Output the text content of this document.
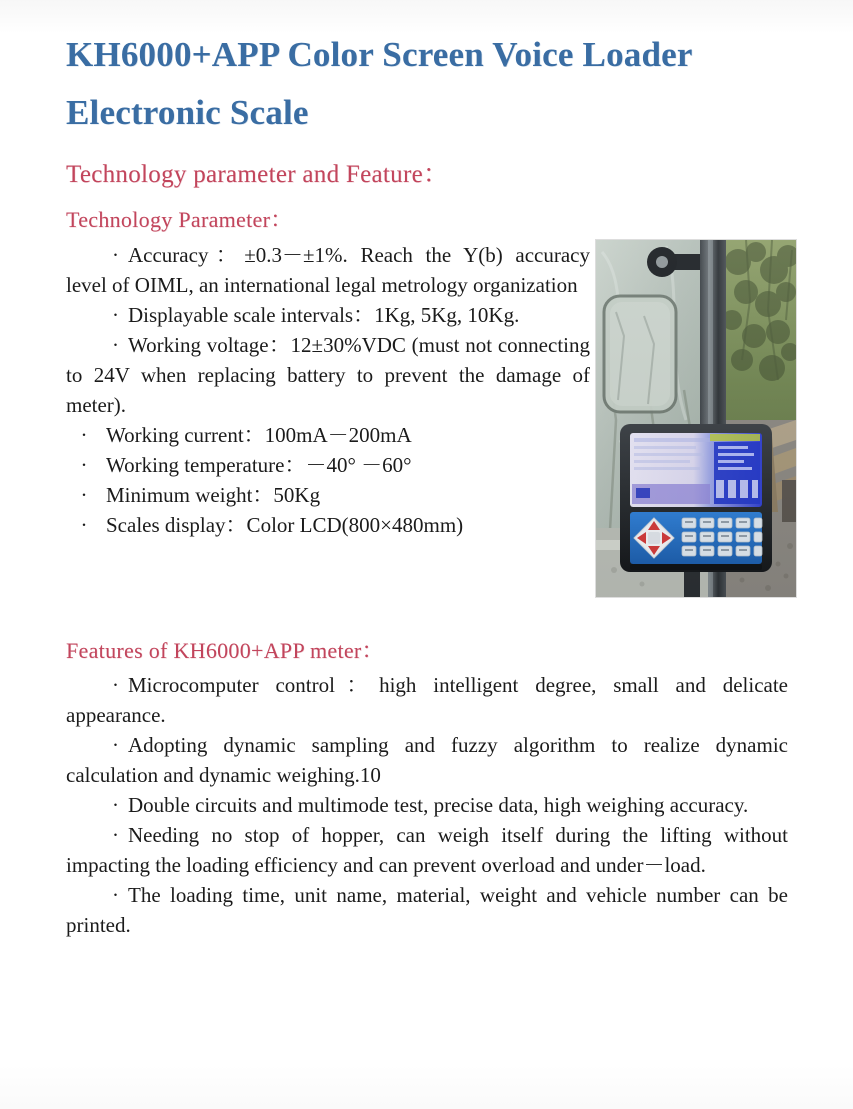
KH6000+APP Color Screen Voice Loader Electronic Scale
Technology parameter and Feature：
Technology Parameter：
· Accuracy：±0.3－±1%. Reach the Y(b) accuracy level of OIML, an international legal metrology organization
· Displayable scale intervals：1Kg, 5Kg, 10Kg.
· Working voltage：12±30%VDC (must not connecting to 24V when replacing battery to prevent the damage of meter).
· Working current：100mA－200mA
· Working temperature：－40° －60°
· Minimum weight：50Kg
· Scales display：Color LCD(800×480mm)
Features of KH6000+APP meter：
· Microcomputer control：high intelligent degree, small and delicate appearance.
· Adopting dynamic sampling and fuzzy algorithm to realize dynamic calculation and dynamic weighing.10
· Double circuits and multimode test, precise data, high weighing accuracy.
· Needing no stop of hopper, can weigh itself during the lifting without impacting the loading efficiency and can prevent overload and under－load.
· The loading time, unit name, material, weight and vehicle number can be printed.
